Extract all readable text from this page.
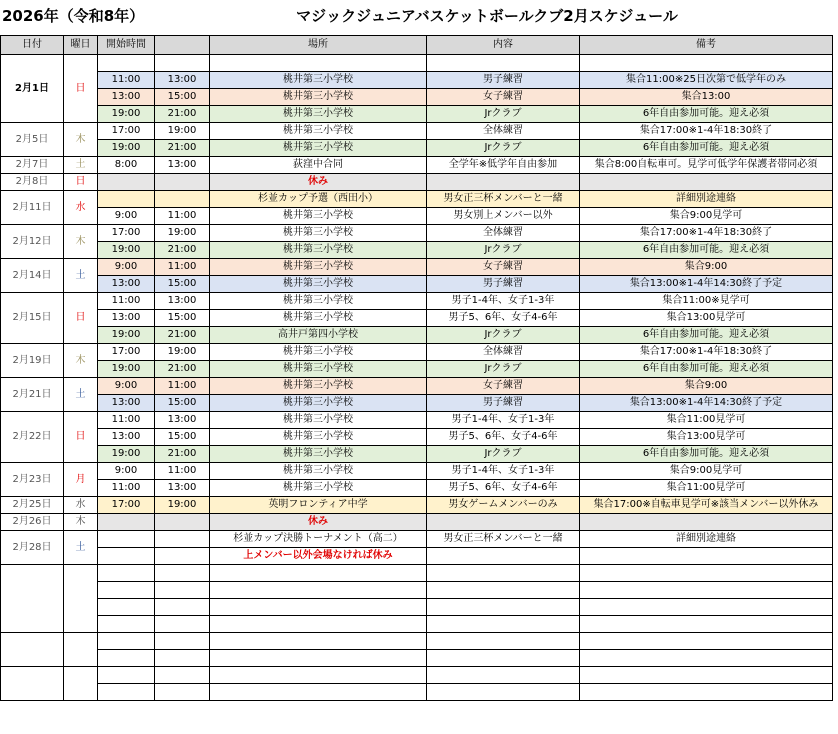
2026年（令和8年）	マジックジュニアバスケットボールクブ2月スケジュール
日付	曜日	開始時間		場所	内容	備考
2月1日	日					
		11:00	13:00	桃井第三小学校	男子練習	集合11:00※25日次第で低学年のみ
		13:00	15:00	桃井第三小学校	女子練習	集合13:00
		19:00	21:00	桃井第三小学校	Jrクラブ	6年自由参加可能。迎え必須
2月5日	木	17:00	19:00	桃井第三小学校	全体練習	集合17:00※1-4年18:30終了
		19:00	21:00	桃井第三小学校	Jrクラブ	6年自由参加可能。迎え必須
2月7日	土	8:00	13:00	荻窪中合同	全学年※低学年自由参加	集合8:00自転車可。見学可低学年保護者帯同必須
2月8日	日			休み		
2月11日	水			杉並カップ予選（西田小）	男女正三杯メンバーと一緒	詳細別途連絡
		9:00	11:00	桃井第三小学校	男女別上メンバー以外	集合9:00見学可
2月12日	木	17:00	19:00	桃井第三小学校	全体練習	集合17:00※1-4年18:30終了
		19:00	21:00	桃井第三小学校	Jrクラブ	6年自由参加可能。迎え必須
2月14日	土	9:00	11:00	桃井第三小学校	女子練習	集合9:00
		13:00	15:00	桃井第三小学校	男子練習	集合13:00※1-4年14:30終了予定
2月15日	日	11:00	13:00	桃井第三小学校	男子1-4年、女子1-3年	集合11:00※見学可
		13:00	15:00	桃井第三小学校	男子5、6年、女子4-6年	集合13:00見学可
		19:00	21:00	高井戸第四小学校	Jrクラブ	6年自由参加可能。迎え必須
2月19日	木	17:00	19:00	桃井第三小学校	全体練習	集合17:00※1-4年18:30終了
		19:00	21:00	桃井第三小学校	Jrクラブ	6年自由参加可能。迎え必須
2月21日	土	9:00	11:00	桃井第三小学校	女子練習	集合9:00
		13:00	15:00	桃井第三小学校	男子練習	集合13:00※1-4年14:30終了予定
2月22日	日	11:00	13:00	桃井第三小学校	男子1-4年、女子1-3年	集合11:00見学可
		13:00	15:00	桃井第三小学校	男子5、6年、女子4-6年	集合13:00見学可
		19:00	21:00	桃井第三小学校	Jrクラブ	6年自由参加可能。迎え必須
2月23日	月	9:00	11:00	桃井第三小学校	男子1-4年、女子1-3年	集合9:00見学可
		11:00	13:00	桃井第三小学校	男子5、6年、女子4-6年	集合11:00見学可
2月25日	水	17:00	19:00	英明フロンティア中学	男女ゲームメンバーのみ	集合17:00※自転車見学可※該当メンバー以外休み
2月26日	木			休み		
2月28日	土			杉並カップ決勝トーナメント（高二）	男女正三杯メンバーと一緒	詳細別途連絡
				上メンバー以外会場なければ休み		
